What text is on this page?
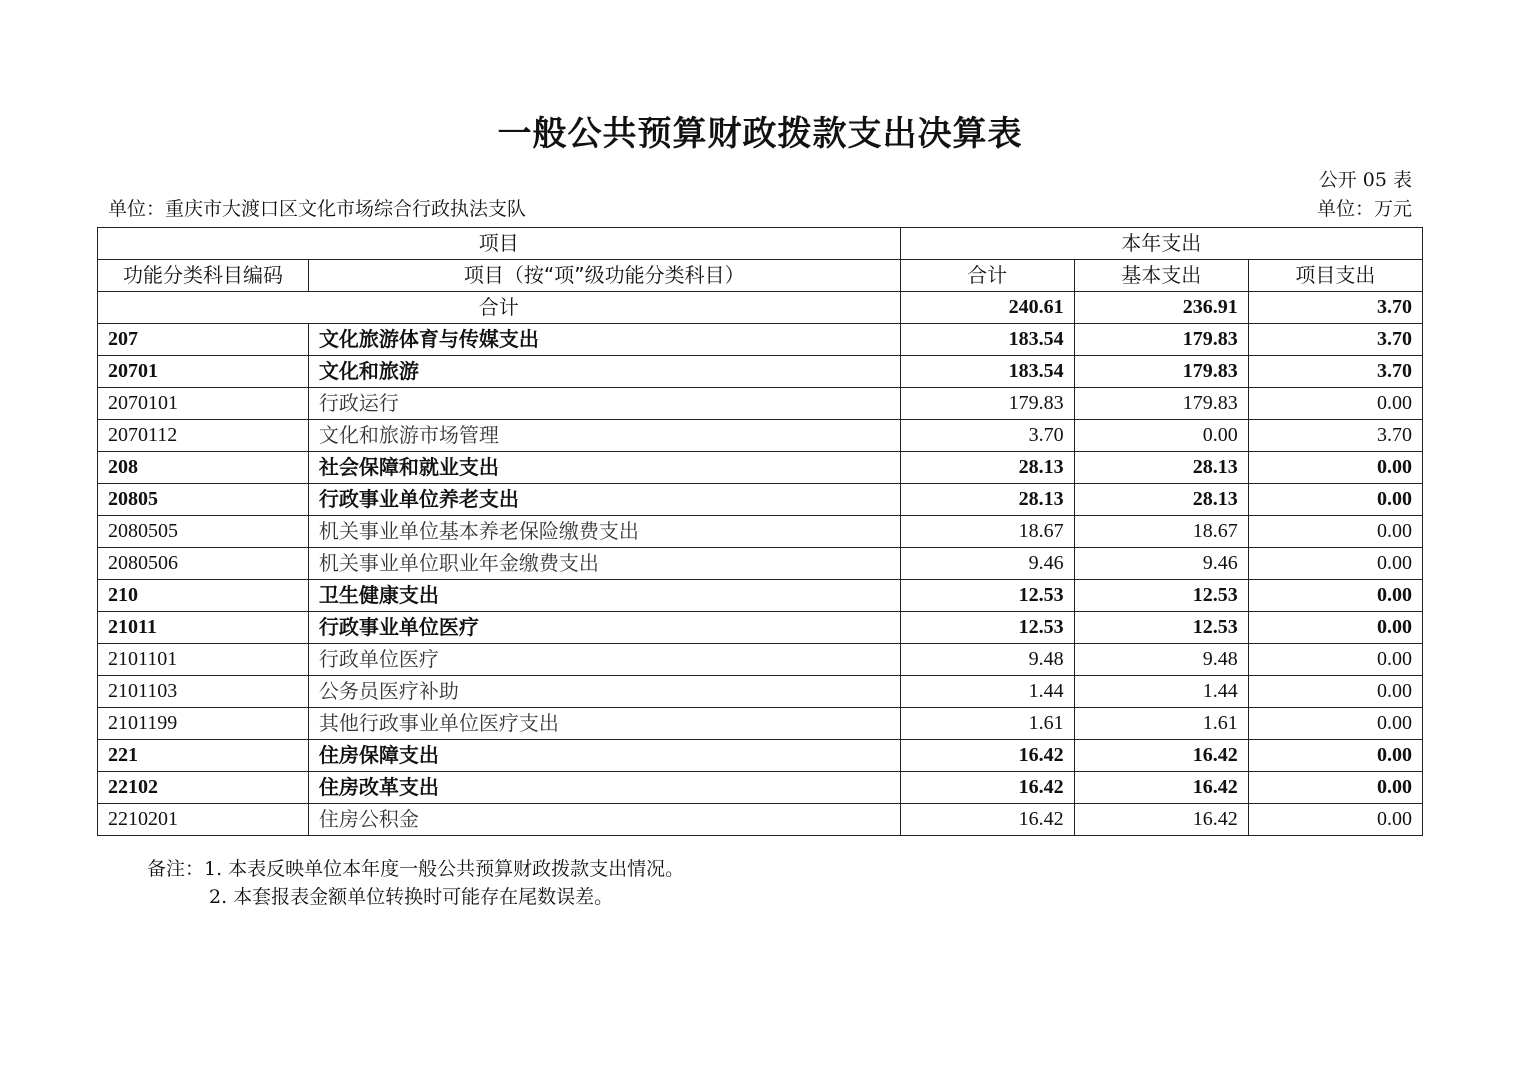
一般公共预算财政拨款支出决算表
公开 05 表
单位：重庆市大渡口区文化市场综合行政执法支队	单位：万元
项目		本年支出		
功能分类科目编码	项目（按“项”级功能分类科目）	合计	基本支出	项目支出
合计		240.61	236.91	3.70
207	文化旅游体育与传媒支出	183.54	179.83	3.70
20701	文化和旅游	183.54	179.83	3.70
2070101	行政运行	179.83	179.83	0.00
2070112	文化和旅游市场管理	3.70	0.00	3.70
208	社会保障和就业支出	28.13	28.13	0.00
20805	行政事业单位养老支出	28.13	28.13	0.00
2080505	机关事业单位基本养老保险缴费支出	18.67	18.67	0.00
2080506	机关事业单位职业年金缴费支出	9.46	9.46	0.00
210	卫生健康支出	12.53	12.53	0.00
21011	行政事业单位医疗	12.53	12.53	0.00
2101101	行政单位医疗	9.48	9.48	0.00
2101103	公务员医疗补助	1.44	1.44	0.00
2101199	其他行政事业单位医疗支出	1.61	1.61	0.00
221	住房保障支出	16.42	16.42	0.00
22102	住房改革支出	16.42	16.42	0.00
2210201	住房公积金	16.42	16.42	0.00
备注：1. 本表反映单位本年度一般公共预算财政拨款支出情况。
2. 本套报表金额单位转换时可能存在尾数误差。
